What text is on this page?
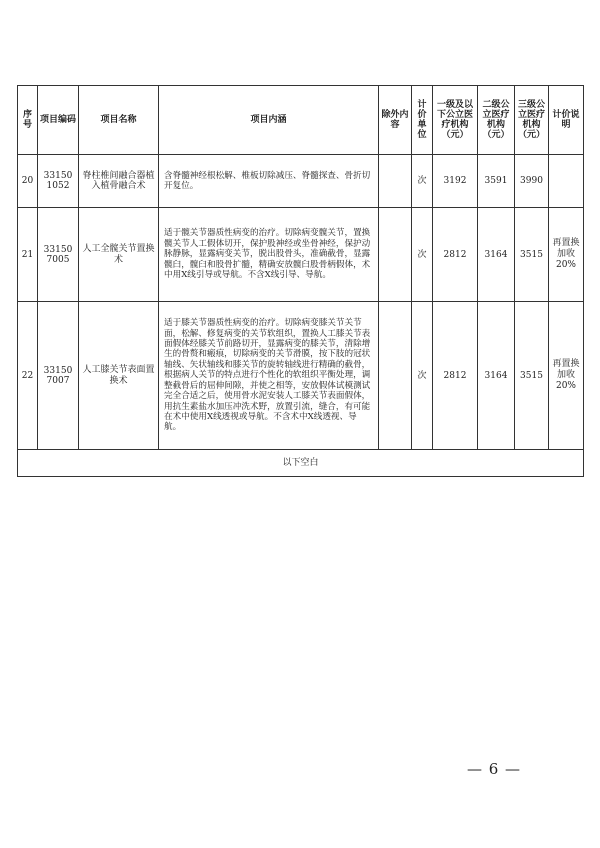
序号	项目编码	项目名称	项目内涵	除外内容	计价单位	一级及以下公立医疗机构（元）	二级公立医疗机构（元）	三级公立医疗机构（元）	计价说明
20	33150 1052	脊柱椎间融合器植入植骨融合术	含脊髓神经根松解、椎板切除减压、脊髓探查、骨折切开复位。		次	3192	3591	3990	
21	33150 7005	人工全髋关节置换术	适于髋关节器质性病变的治疗。切除病变髋关节，置换髋关节人工假体切开，保护股神经或坐骨神经，保护动脉静脉，显露病变关节，脱出股骨头，准确截骨，显露髋臼，髋臼和股骨扩髓，精确安放髋臼股骨柄假体，术中用X线引导或导航。不含X线引导、导航。		次	2812	3164	3515	再置换加收20%
22	33150 7007	人工膝关节表面置换术	适于膝关节器质性病变的治疗。切除病变膝关节关节面，松解、修复病变的关节软组织，置换人工膝关节表面假体经膝关节前路切开，显露病变的膝关节，清除增生的骨赘和瘢痕，切除病变的关节滑膜，按下肢的冠状轴线、矢状轴线和膝关节的旋转轴线进行精确的截骨，根据病人关节的特点进行个性化的软组织平衡处理，调整截骨后的屈伸间隙，并使之相等，安放假体试模测试完全合适之后，使用骨水泥安装人工膝关节表面假体，用抗生素盐水加压冲洗术野，放置引流，缝合，有可能在术中使用X线透视或导航。不含术中X线透视、导航。		次	2812	3164	3515	再置换加收20%
以下空白									
— 6 —
